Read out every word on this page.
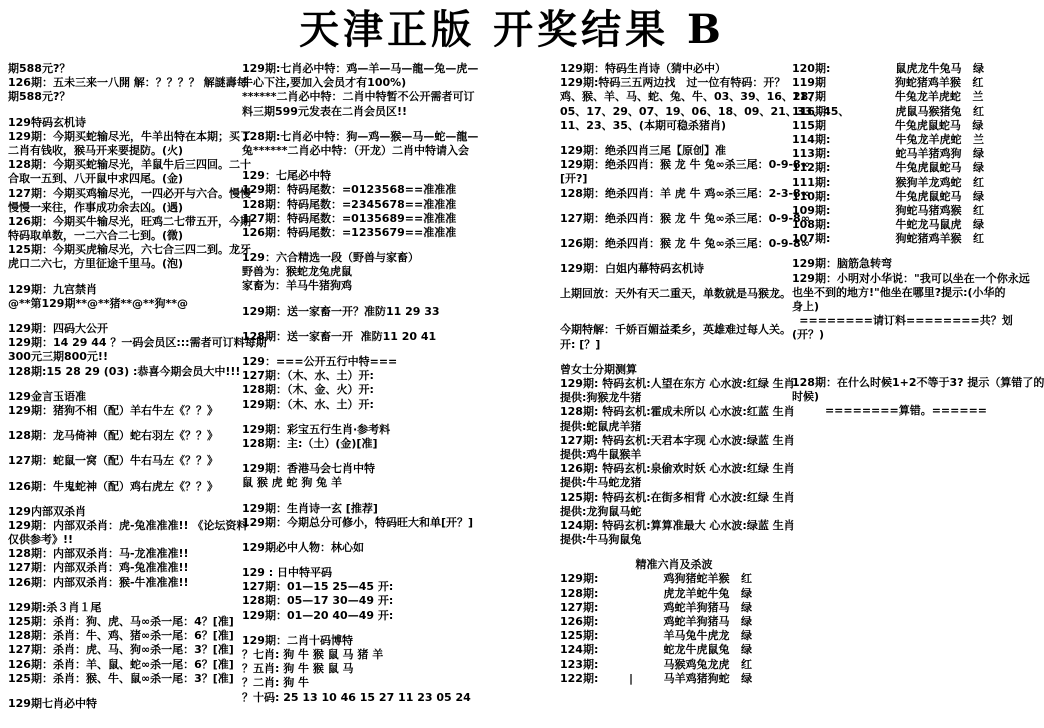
天津正版 开奖结果 B
期588元?？
126期：五未三来一八開 解：？？？？ 解謎壽每
期588元?？
129特码玄机诗
129期：今期买蛇输尽光，牛羊出特在本期；买了
二肖有钱收，猴马开来要提防。(火)
128期：今期买蛇输尽光，羊鼠牛后三四回。二十
合取一五到、八开鼠中求四尾。(金)
127期：今期买鸡输尽光，一四必开与六合。慢慢
慢慢一来往，作事成功余去凶。(遇)
126期：今期买牛输尽光，旺鸡二七带五开，今期
特码取单数，一二六合二七到。(微)
125期：今期买虎输尽光，六七合三四二到。龙牙
虎口二六七，方里征途千里马。(泡)
129期：九宫禁肖
@**第129期**@**猪**@**狗**@
129期：四码大公开
129期：14 29 44 ？一码会员区:::需者可订料每期
300元三期800元!!
128期:15 28 29 (03) :恭喜今期会员大中!!!
129金言玉语准
129期：猪狗不相（配）羊右牛左《？？》
128期：龙马倚神（配）蛇右羽左《？？》
127期：蛇鼠一窝（配）牛右马左《？？》
126期：牛鬼蛇神（配）鸡右虎左《？？》
129内部双杀肖
129期：内部双杀肖：虎-兔准准准!! 《论坛资料
仅供参考》!!
128期：内部双杀肖：马-龙准准准!!
127期：内部双杀肖：鸡-兔准准准!!
126期：内部双杀肖：猴-牛准准准!!
129期:杀３肖１尾
125期：杀肖：狗、虎、马∞杀一尾：4？[准]
128期：杀肖：牛、鸡、猪∞杀一尾：6？[准]
127期：杀肖：虎、马、狗∞杀一尾：3？[准]
126期：杀肖：羊、鼠、蛇∞杀一尾：6？[准]
125期：杀肖：猴、牛、鼠∞杀一尾：3？[准]
129期七肖必中特
129期:七肖必中特：鸡—羊—马—龍—兔—虎—
牛心下注,要加入会员才有100%)
******二肖必中特：二肖中特暂不公开需者可订
料三期599元发表在二肖会员区!!
128期:七肖必中特：狗—鸡—猴—马—蛇—龍—
兔******二肖必中特：（开龙）二肖中特请入会
129：七尾必中特
129期：特码尾数：=0123568==准准准
128期：特码尾数：=2345678==准准准
127期：特码尾数：=0135689==准准准
126期：特码尾数：=1235679==准准准
129：六合精选一段（野兽与家畜）
野兽为：猴蛇龙兔虎鼠
家畜为：羊马牛猪狗鸡
129期：送一家畜一开？准防11 29 33
128期：送一家畜一开  准防11 20 41
129：===公开五行中特===
127期：（木、水、土）开:
128期：（木、金、火）开:
129期：（木、水、土）开:
129期：彩宝五行生肖·参考料
128期：主:（土）(金)[准]
129期：香港马会七肖中特
鼠 猴 虎 蛇 狗 兔 羊
129期：生肖诗一玄 [推荐]
129期：今期总分可修小，特码旺大和单[开？]
129期必中人物：林心如
129 : 日中特平码
127期：01—15 25—45 开:
128期：05—17 30—49 开:
129期：01—20 40—49 开:
129期：二肖十码博特
？七肖: 狗 牛 猴 鼠 马 猪 羊
？五肖: 狗 牛 猴 鼠 马
？二肖: 狗 牛
？十码: 25 13 10 46 15 27 11 23 05 24
129期：特码生肖诗（猜中必中）
129期:特码三五两边找　过一位有特码：开？
鸡、猴、羊、马、蛇、兔、牛、03、39、16、28、
05、17、29、07、19、06、18、09、21、33、45、
11、23、35、(本期可稳杀猪肖)
129期：绝杀四肖三尾【原创】准
129期：绝杀四肖：猴 龙 牛 兔∞杀三尾：0-9-8∞
[开?]
128期：绝杀四肖：羊 虎 牛 鸡∞杀三尾：2-3-8∞
127期：绝杀四肖：猴 龙 牛 兔∞杀三尾：0-9-8∞
126期：绝杀四肖：猴 龙 牛 兔∞杀三尾：0-9-8∞
129期：白姐内幕特码玄机诗
上期回放：天外有天二重天，单数就是马猴龙。
今期特解：千娇百媚益柔乡，英雄难过每人关。
开: [？]
曾女士分期测算
129期: 特码玄机:人望在东方 心水波:红绿 生肖
提供:狗猴龙牛猪
128期: 特码玄机:霍成未所以 心水波:红蓝 生肖
提供:蛇鼠虎羊猪
127期: 特码玄机:天君本字现 心水波:绿蓝 生肖
提供:鸡牛鼠猴羊
126期: 特码玄机:泉偷欢时妖 心水波:红绿 生肖
提供:牛马蛇龙猪
125期: 特码玄机:在街多相背 心水波:红绿 生肖
提供:龙狗鼠马蛇
124期: 特码玄机:算算准最大 心水波:绿蓝 生肖
提供:牛马狗鼠兔
精准六肖及杀波
129期:                 鸡狗猪蛇羊猴   红
128期:                 虎龙羊蛇牛兔   绿
127期:                 鸡蛇羊狗猪马   绿
126期:                 鸡蛇羊狗猪马   绿
125期:                 羊马兔牛虎龙   绿
124期:                 蛇龙牛虎鼠兔   绿
123期:                 马猴鸡兔龙虎   红
122期:        |        马羊鸡猪狗蛇   绿
120期:                 鼠虎龙牛兔马   绿
119期                  狗蛇猪鸡羊猴   红
117期                  牛兔龙羊虎蛇   兰
116期:                 虎鼠马猴猪兔   红
115期                  牛兔虎鼠蛇马   绿
114期:                 牛兔龙羊虎蛇   兰
113期:                 蛇马羊猪鸡狗   绿
112期:                 牛兔虎鼠蛇马   绿
111期:                 猴狗羊龙鸡蛇   红
110期:                 牛兔虎鼠蛇马   绿
109期:                 狗蛇马猪鸡猴   红
108期:                 牛蛇龙马鼠虎   绿
107期:                 狗蛇猪鸡羊猴   红
129期：脑筋急转弯
129期：小明对小华说："我可以坐在一个你永远
也坐不到的地方!"他坐在哪里?提示:(小华的
身上)
========请订料========共？划
(开？)
128期：在什么时候1+2不等于3? 提示（算错了的
时候)
========算错。======
